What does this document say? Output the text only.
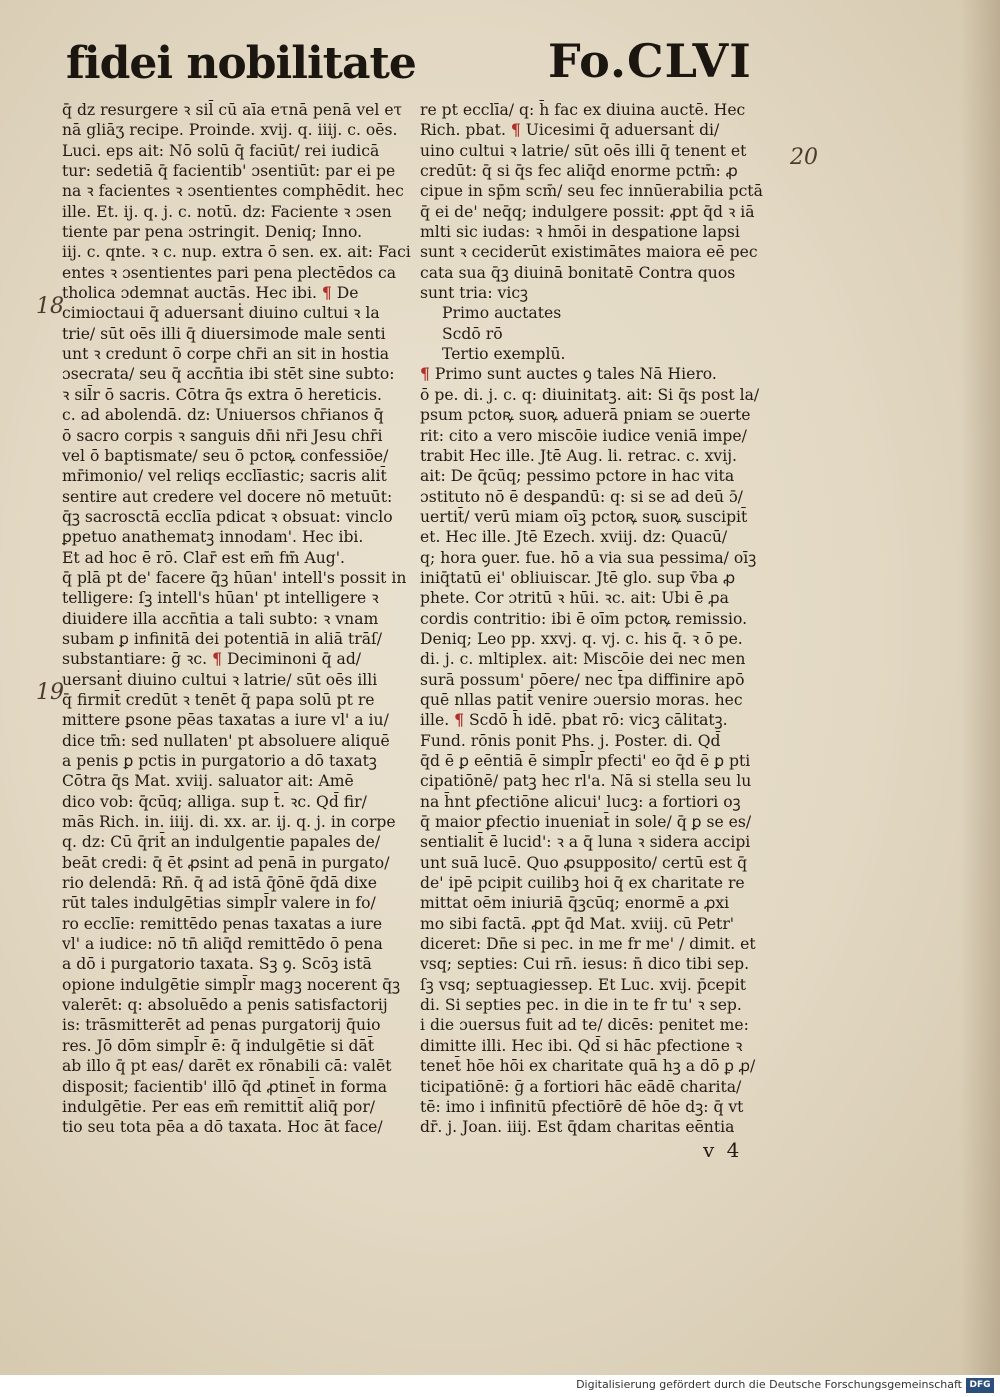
fidei nobilitate	Fo.CLVI
q̄ dz resurgere ꝛ sil̄ cū aīa eτnā penā vel eτ
nā gliāʒ recipe. Proinde. xvij. q. iiij. c. oēs.
Luci. eps ait: Nō solū q̄ faciūt/ rei iudicā
tur: sedetiā q̄ facientib' ɔsentiūt: par ei pe
na ꝛ facientes ꝛ ɔsentientes comphēdit. hec
ille. Et. ij. q. j. c. notū. dz: Faciente ꝛ ɔsen
tiente par pena ɔstringit. Deniq; Inno.
iij. c. qnte. ꝛ c. nup. extra ō sen. ex. ait: Faci
entes ꝛ ɔsentientes pari pena plectēdos ca
tholica ɔdemnat auctās. Hec ibi. ¶ De
cimioctaui q̄ aduersanṫ diuino cultui ꝛ la
trie/ sūt oēs illi q̄ diuersimode male senti
unt ꝛ credunt ō corpe chr̄i an sit in hostia
ɔsecrata/ seu q̄ accn̄tia ibi stēt sine subto:
ꝛ sil̄r ō sacris. Cōtra q̄s extra ō hereticis.
c. ad abolendā. dz: Uniuersos chr̄ianos q̄
ō sacro corpis ꝛ sanguis dn̄i nr̄i Jesu chr̄i
vel ō baptismate/ seu ō pctoꝶ confessiōe/
mr̄imonio/ vel reliqs ecclīastic; sacris alit̄
sentire aut credere vel docere nō metuūt:
q̄ꝫ sacrosctā ecclīa pdicat ꝛ obsuat: vinclo
ꝑpetuo anathematꝫ innodam'. Hec ibi.
Et ad hoc ē rō. Clar̄ est em̄ fm̄ Aug'.
q̄ plā pt de' facere q̄ꝫ hūan' intell's possit in
telligere: ſꝫ intell's hūan' pt intelligere ꝛ
diuidere illa accn̄tia a tali subto: ꝛ vnam
subam ꝑ infinitā dei potentiā in aliā trāſ/
substantiare: ḡ ꝛc. ¶ Deciminoni q̄ ad/
uersanṫ diuino cultui ꝛ latrie/ sūt oēs illi
q̄ firmit̄ credūt ꝛ tenēt q̄ papa solū pt re
mittere ꝑsone pēas taxatas a iure vl' a iu/
dice tm̄: sed nullaten' pt absoluere aliquē
a penis ꝑ pctis in purgatorio a dō taxatꝫ
Cōtra q̄s Mat. xviij. saluator ait: Amē
dico vob: q̄cūq; alliga. sup t̄. ꝛc. Qd̄ fir/
mās Rich. in. iiij. di. xx. ar. ij. q. j. in corpe
q. dz: Cū q̄rit̄ an indulgentie papales de/
beāt credi: q̄ ēt ꝓsint ad penā in purgato/
rio delendā: Rn̄. q̄ ad istā q̄ōnē q̄dā dixe
rūt tales indulgētias simpl̄r valere in fo/
ro ecclīe: remittēdo penas taxatas a iure
vl' a iudice: nō tn̄ aliq̄d remittēdo ō pena
a dō i purgatorio taxata. Sꝫ ꝯ. Scōꝫ istā
opione indulgētie simpl̄r magꝫ nocerent q̄ꝫ
valerēt: q: absoluēdo a penis satisfactorij
is: trāsmitterēt ad penas purgatorij q̄uio
res. Jō dōm simpl̄r ē: q̄ indulgētie si dāt̄
ab illo q̄ pt eas/ darēt ex rōnabili cā: valēt
disposit; facientib' illō q̄d ꝓtinet̄ in forma
indulgētie. Per eas em̄ remittit̄ aliq̄ por/
tio seu tota pēa a dō taxata. Hoc āt face/
re pt ecclīa/ q: h̄ fac ex diuina auctē. Hec
Rich. pbat. ¶ Uicesimi q̄ aduersanṫ di/
uino cultui ꝛ latrie/ sūt oēs illi q̄ tenent et
credūt: q̄ si q̄s fec aliq̄d enorme pctm̄: ꝓ
cipue in sp̄m scm̄/ seu fec innūerabilia pctā
q̄ ei de' neq̄q; indulgere possit: ꝓpt q̄d ꝛ iā
mlti sic iudas: ꝛ hmōi in desꝑatione lapsi
sunt ꝛ ceciderūt existimātes maiora eē pec
cata sua q̄ꝫ diuinā bonitatē Contra quos
sunt tria: vicꝫ
Primo auctates
Scdō rō
Tertio exemplū.
¶ Primo sunt auctes ꝯ tales Nā Hiero.
ō pe. di. j. c. q: diuinitatꝫ. ait: Si q̄s post la/
psum pctoꝶ suoꝶ aduerā pniam se ɔuerte
rit: cito a vero miscōie iudice veniā impe/
trabit Hec ille. Jtē Aug. li. retrac. c. xvij.
ait: De q̄cūq; pessimo pctore in hac vita
ɔstituto nō ē desꝑandū: q: si se ad deū ɔ̄/
uertit̄/ verū miam oīꝫ pctoꝶ suoꝶ suscipit̄
et. Hec ille. Jtē Ezech. xviij. dz: Quacū/
q; hora ꝯuer. fue. hō a via sua pessima/ oīꝫ
iniq̄tatū ei' obliuiscar. Jtē glo. sup v̄ba ꝓ
phete. Cor ɔtritū ꝛ hūi. ꝛc. ait: Ubi ē ꝓa
cordis contritio: ibi ē oīm pctoꝶ remissio.
Deniq; Leo pp. xxvj. q. vj. c. his q̄. ꝛ ō pe.
di. j. c. mltiplex. ait: Miscōie dei nec men
surā possum' pōere/ nec t̄pa diffinire apō
quē nllas patit̄ venire ɔuersio moras. hec
ille. ¶ Scdō h̄ idē. pbat rō: vicꝫ cālitatꝫ.
Fund. rōnis ponit Phs. j. Poster. di. Qd̄
q̄d ē ꝑ eēntiā ē simpl̄r pfecti' eo q̄d ē ꝑ pti
cipatiōnē/ patꝫ hec rl'a. Nā si stella seu lu
na h̄nt ꝑfectiōne alicui' lucꝫ: a fortiori oꝫ
q̄ maior ꝑfectio inueniat̄ in sole/ q̄ ꝑ se es/
sentialit̄ ē lucid': ꝛ a q̄ luna ꝛ sidera accipi
unt suā lucē. Quo ꝓsupposito/ certū est q̄
de' ipē pcipit cuilibꝫ hoi q̄ ex charitate re
mittat oēm iniuriā q̄ꝫcūq; enormē a ꝓxi
mo sibi factā. ꝓpt q̄d Mat. xviij. cū Petr'
diceret: Dn̄e si pec. in me fr me' / dimit. et
vsq; septies: Cui rn̄. iesus: n̄ dico tibi sep.
ſꝫ vsq; septuagiessep. Et Luc. xvij. p̄cepit
di. Si septies pec. in die in te fr tu' ꝛ sep.
i die ɔuersus fuit ad te/ dicēs: penitet me:
dimitte illi. Hec ibi. Qd̄ si hāc pfectione ꝛ
tenet̄ hōe hōi ex charitate quā hꝫ a dō ꝑ ꝓ/
ticipatiōnē: ḡ a fortiori hāc eādē charita/
tē: imo i infinitū pfectiōrē dē hōe dꝫ: q̄ vt
dr̄. j. Joan. iiij. Est q̄dam charitas eēntia
18
19
20
v 4
Digitalisierung gefördert durch die Deutsche Forschungsgemeinschaft DFG
